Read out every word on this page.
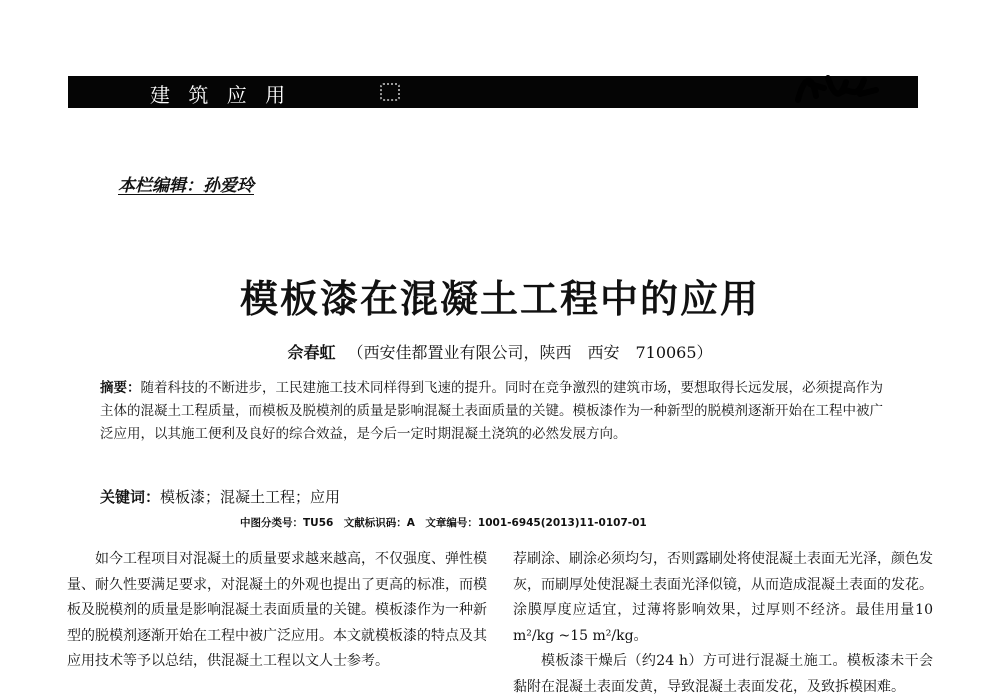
建 筑 应 用
本栏编辑：孙爱玲
模板漆在混凝土工程中的应用
佘春虹 （西安佳都置业有限公司，陕西　西安　710065）

摘要：随着科技的不断进步，工民建施工技术同样得到飞速的提升。同时在竞争激烈的建筑市场，要想取得长远发展，必须提高作为主体的混凝土工程质量，而模板及脱模剂的质量是影响混凝土表面质量的关键。模板漆作为一种新型的脱模剂逐渐开始在工程中被广泛应用，以其施工便利及良好的综合效益，是今后一定时期混凝土浇筑的必然发展方向。

关键词：模板漆；混凝土工程；应用
中图分类号：TU56　文献标识码：A　文章编号：1001-6945(2013)11-0107-01

如今工程项目对混凝土的质量要求越来越高，不仅强度、弹性模量、耐久性要满足要求，对混凝土的外观也提出了更高的标准，而模板及脱模剂的质量是影响混凝土表面质量的关键。模板漆作为一种新型的脱模剂逐渐开始在工程中被广泛应用。本文就模板漆的特点及其应用技术等予以总结，供混凝土工程以文人士参考。

荐刷涂、刷涂必须均匀，否则露刷处将使混凝土表面无光泽，颜色发灰，而刷厚处使混凝土表面光泽似镜，从而造成混凝土表面的发花。涂膜厚度应适宜，过薄将影响效果，过厚则不经济。最佳用量10 m²/kg ~15 m²/kg。

模板漆干燥后（约24 h）方可进行混凝土施工。模板漆未干会黏附在混凝土表面发黄，导致混凝土表面发花，及致拆模困难。
